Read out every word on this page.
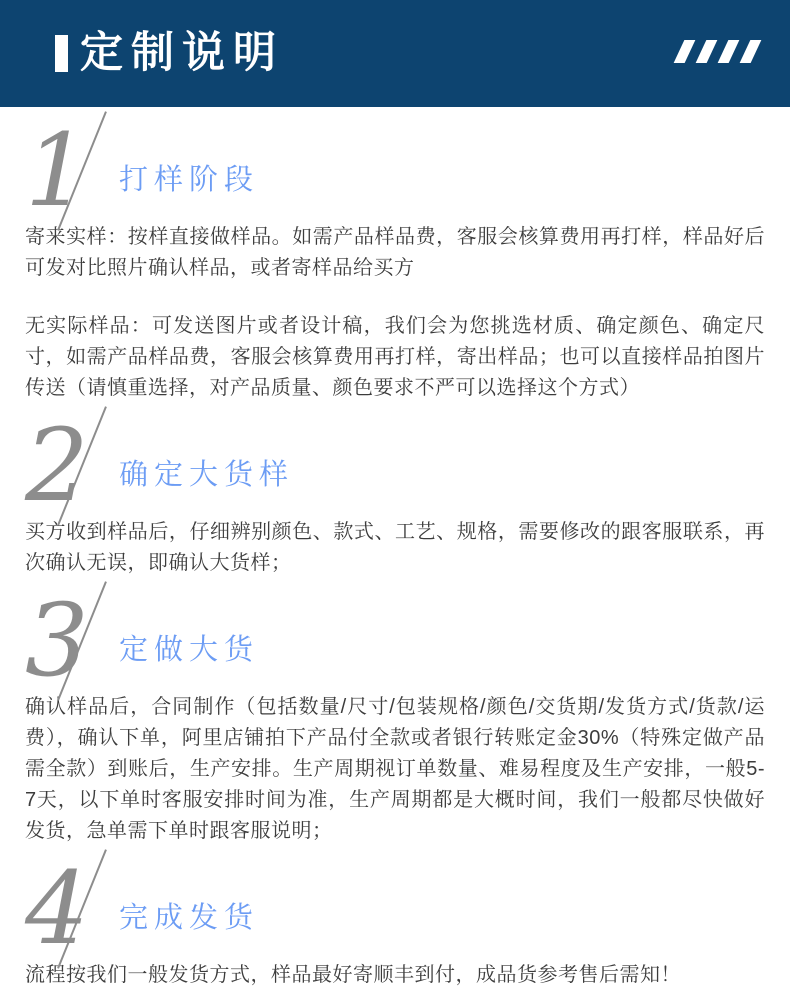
定制说明
1 打样阶段

寄来实样：按样直接做样品。如需产品样品费，客服会核算费用再打样，样品好后可发对比照片确认样品，或者寄样品给买方

无实际样品：可发送图片或者设计稿，我们会为您挑选材质、确定颜色、确定尺寸，如需产品样品费，客服会核算费用再打样，寄出样品；也可以直接样品拍图片传送（请慎重选择，对产品质量、颜色要求不严可以选择这个方式）

2 确定大货样

买方收到样品后，仔细辨别颜色、款式、工艺、规格，需要修改的跟客服联系，再次确认无误，即确认大货样；

3 定做大货

确认样品后，合同制作（包括数量/尺寸/包装规格/颜色/交货期/发货方式/货款/运费），确认下单，阿里店铺拍下产品付全款或者银行转账定金30%（特殊定做产品需全款）到账后，生产安排。生产周期视订单数量、难易程度及生产安排，一般5-7天，以下单时客服安排时间为准，生产周期都是大概时间，我们一般都尽快做好发货，急单需下单时跟客服说明；

4 完成发货

流程按我们一般发货方式，样品最好寄顺丰到付，成品货参考售后需知！
